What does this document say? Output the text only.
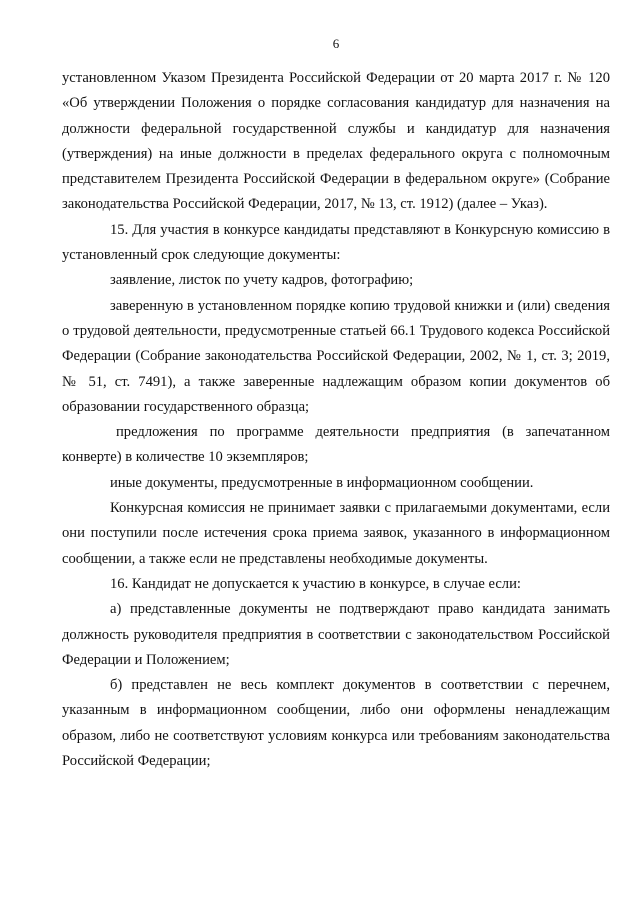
6

установленном Указом Президента Российской Федерации от 20 марта 2017 г. № 120 «Об утверждении Положения о порядке согласования кандидатур для назначения на должности федеральной государственной службы и кандидатур для назначения (утверждения) на иные должности в пределах федерального округа с полномочным представителем Президента Российской Федерации в федеральном округе» (Собрание законодательства Российской Федерации, 2017, № 13, ст. 1912) (далее – Указ).

15. Для участия в конкурсе кандидаты представляют в Конкурсную комиссию в установленный срок следующие документы:

заявление, листок по учету кадров, фотографию;

заверенную в установленном порядке копию трудовой книжки и (или) сведения о трудовой деятельности, предусмотренные статьей 66.1 Трудового кодекса Российской Федерации (Собрание законодательства Российской Федерации, 2002, № 1, ст. 3; 2019, № 51, ст. 7491), а также заверенные надлежащим образом копии документов об образовании государственного образца;

предложения по программе деятельности предприятия (в запечатанном конверте) в количестве 10 экземпляров;

иные документы, предусмотренные в информационном сообщении.

Конкурсная комиссия не принимает заявки с прилагаемыми документами, если они поступили после истечения срока приема заявок, указанного в информационном сообщении, а также если не представлены необходимые документы.

16. Кандидат не допускается к участию в конкурсе, в случае если:

а) представленные документы не подтверждают право кандидата занимать должность руководителя предприятия в соответствии с законодательством Российской Федерации и Положением;

б) представлен не весь комплект документов в соответствии с перечнем, указанным в информационном сообщении, либо они оформлены ненадлежащим образом, либо не соответствуют условиям конкурса или требованиям законодательства Российской Федерации;
